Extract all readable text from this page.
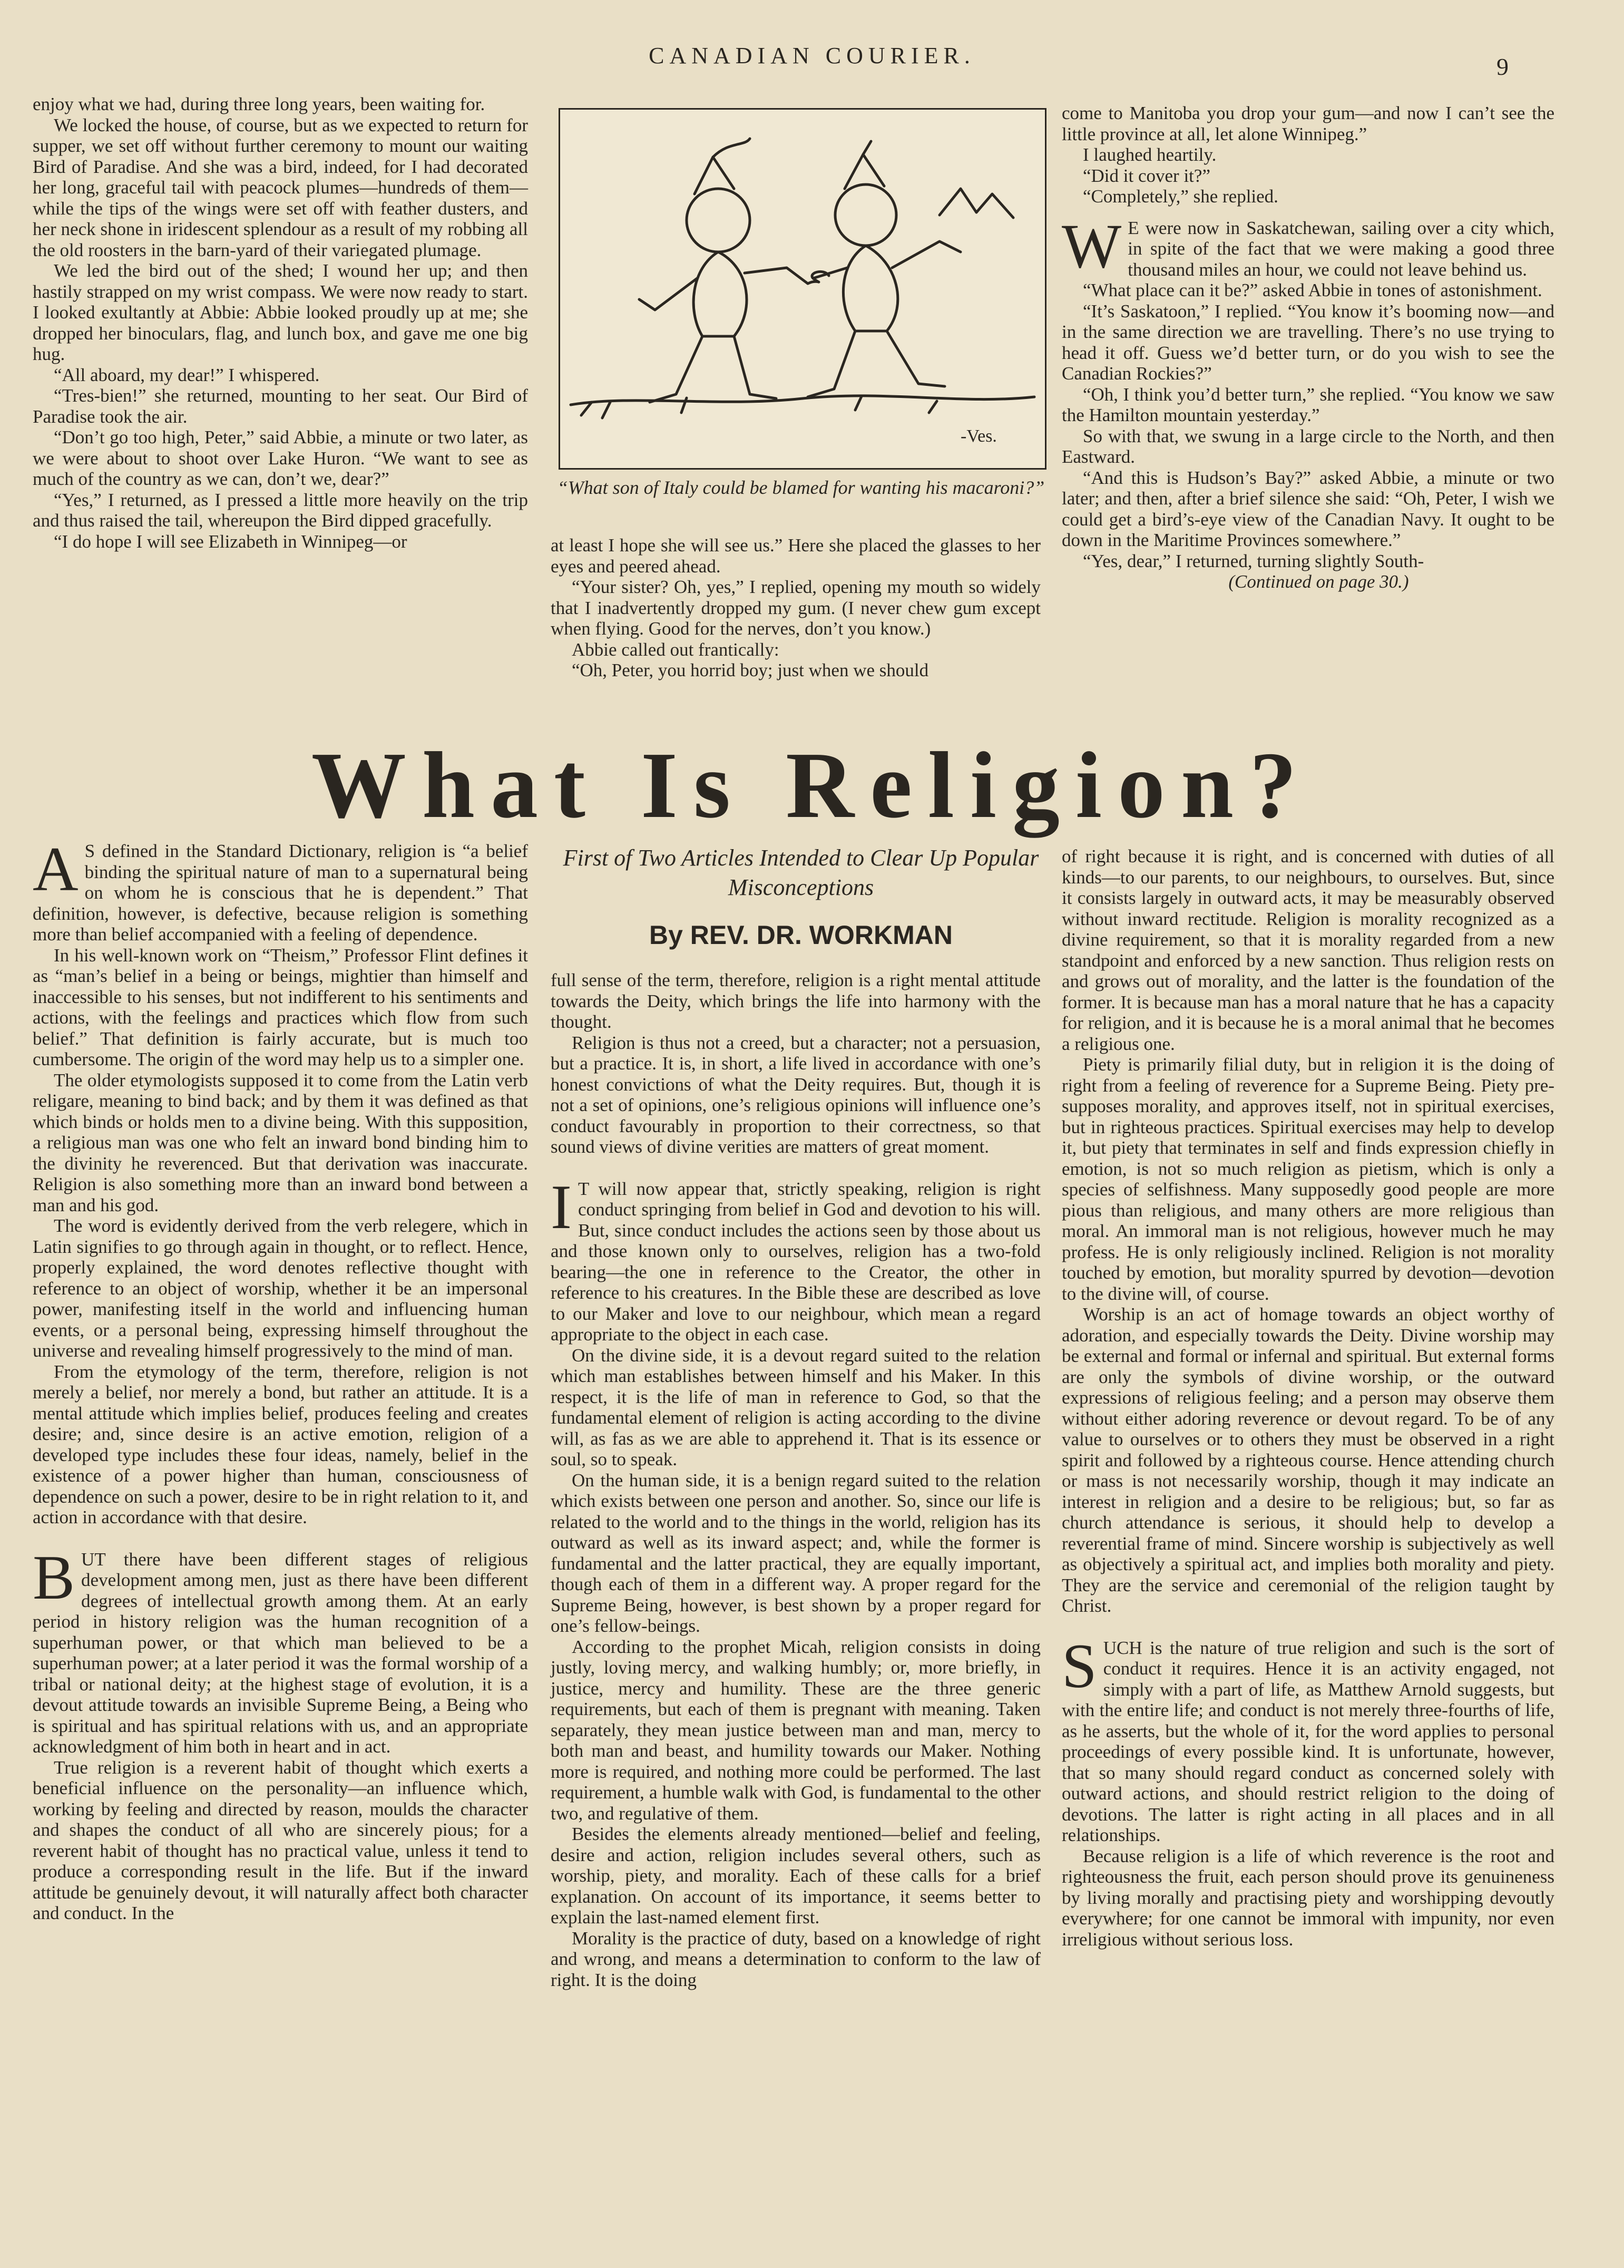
CANADIAN COURIER.	9

enjoy what we had, during three long years, been waiting for.

We locked the house, of course, but as we expected to return for supper, we set off without further ceremony to mount our waiting Bird of Paradise. And she was a bird, indeed, for I had decorated her long, graceful tail with peacock plumes—hundreds of them—while the tips of the wings were set off with feather dusters, and her neck shone in iridescent splendour as a result of my robbing all the old roosters in the barn-yard of their variegated plumage.

We led the bird out of the shed; I wound her up; and then hastily strapped on my wrist compass. We were now ready to start. I looked exultantly at Abbie: Abbie looked proudly up at me; she dropped her binoculars, flag, and lunch box, and gave me one big hug.

“All aboard, my dear!” I whispered.

“Tres-bien!” she returned, mounting to her seat. Our Bird of Paradise took the air.

“Don’t go too high, Peter,” said Abbie, a minute or two later, as we were about to shoot over Lake Huron. “We want to see as much of the country as we can, don’t we, dear?”

“Yes,” I returned, as I pressed a little more heavily on the trip and thus raised the tail, whereupon the Bird dipped gracefully.

“I do hope I will see Elizabeth in Winnipeg—or

-Ves.
“What son of Italy could be blamed for wanting his macaroni?”

at least I hope she will see us.” Here she placed the glasses to her eyes and peered ahead.

“Your sister? Oh, yes,” I replied, opening my mouth so widely that I inadvertently dropped my gum. (I never chew gum except when flying. Good for the nerves, don’t you know.)

Abbie called out frantically:

“Oh, Peter, you horrid boy; just when we should

come to Manitoba you drop your gum—and now I can’t see the little province at all, let alone Winnipeg.”

I laughed heartily.

“Did it cover it?”

“Completely,” she replied.

W E were now in Saskatchewan, sailing over a city which, in spite of the fact that we were making a good three thousand miles an hour, we could not leave behind us.

“What place can it be?” asked Abbie in tones of astonishment.

“It’s Saskatoon,” I replied. “You know it’s booming now—and in the same direction we are travelling. There’s no use trying to head it off. Guess we’d better turn, or do you wish to see the Canadian Rockies?”

“Oh, I think you’d better turn,” she replied. “You know we saw the Hamilton mountain yesterday.”

So with that, we swung in a large circle to the North, and then Eastward.

“And this is Hudson’s Bay?” asked Abbie, a minute or two later; and then, after a brief silence she said: “Oh, Peter, I wish we could get a bird’s-eye view of the Canadian Navy. It ought to be down in the Maritime Provinces somewhere.”

“Yes, dear,” I returned, turning slightly South-

(Continued on page 30.)

What Is Religion?
First of Two Articles Intended to Clear Up Popular Misconceptions
By REV. DR. WORKMAN

A S defined in the Standard Dictionary, religion is “a belief binding the spiritual nature of man to a supernatural being on whom he is conscious that he is dependent.” That definition, however, is defective, because religion is something more than belief accompanied with a feeling of dependence.

In his well-known work on “Theism,” Professor Flint defines it as “man’s belief in a being or beings, mightier than himself and inaccessible to his senses, but not indifferent to his sentiments and actions, with the feelings and practices which flow from such belief.” That definition is fairly accurate, but is much too cumbersome. The origin of the word may help us to a simpler one.

The older etymologists supposed it to come from the Latin verb religare, meaning to bind back; and by them it was defined as that which binds or holds men to a divine being. With this supposition, a religious man was one who felt an inward bond binding him to the divinity he reverenced. But that derivation was inaccurate. Religion is also something more than an inward bond between a man and his god.

The word is evidently derived from the verb relegere, which in Latin signifies to go through again in thought, or to reflect. Hence, properly explained, the word denotes reflective thought with reference to an object of worship, whether it be an impersonal power, manifesting itself in the world and influencing human events, or a personal being, expressing himself throughout the universe and revealing himself progressively to the mind of man.

From the etymology of the term, therefore, religion is not merely a belief, nor merely a bond, but rather an attitude. It is a mental attitude which implies belief, produces feeling and creates desire; and, since desire is an active emotion, religion of a developed type includes these four ideas, namely, belief in the existence of a power higher than human, consciousness of dependence on such a power, desire to be in right relation to it, and action in accordance with that desire.

BUT there have been different stages of religious development among men, just as there have been different degrees of intellectual growth among them. At an early period in history religion was the human recognition of a superhuman power, or that which man believed to be a superhuman power; at a later period it was the formal worship of a tribal or national deity; at the highest stage of evolution, it is a devout attitude towards an invisible Supreme Being, a Being who is spiritual and has spiritual relations with us, and an appropriate acknowledgment of him both in heart and in act.

True religion is a reverent habit of thought which exerts a beneficial influence on the personality—an influence which, working by feeling and directed by reason, moulds the character and shapes the conduct of all who are sincerely pious; for a reverent habit of thought has no practical value, unless it tend to produce a corresponding result in the life. But if the inward attitude be genuinely devout, it will naturally affect both character and conduct. In the

full sense of the term, therefore, religion is a right mental attitude towards the Deity, which brings the life into harmony with the thought.

Religion is thus not a creed, but a character; not a persuasion, but a practice. It is, in short, a life lived in accordance with one’s honest convictions of what the Deity requires. But, though it is not a set of opinions, one’s religious opinions will influence one’s conduct favourably in proportion to their correctness, so that sound views of divine verities are matters of great moment.

I T will now appear that, strictly speaking, religion is right conduct springing from belief in God and devotion to his will. But, since conduct includes the actions seen by those about us and those known only to ourselves, religion has a two-fold bearing—the one in reference to the Creator, the other in reference to his creatures. In the Bible these are described as love to our Maker and love to our neighbour, which mean a regard appropriate to the object in each case.

On the divine side, it is a devout regard suited to the relation which man establishes between himself and his Maker. In this respect, it is the life of man in reference to God, so that the fundamental element of religion is acting according to the divine will, as fas as we are able to apprehend it. That is its essence or soul, so to speak.

On the human side, it is a benign regard suited to the relation which exists between one person and another. So, since our life is related to the world and to the things in the world, religion has its outward as well as its inward aspect; and, while the former is fundamental and the latter practical, they are equally important, though each of them in a different way. A proper regard for the Supreme Being, however, is best shown by a proper regard for one’s fellow-beings.

According to the prophet Micah, religion consists in doing justly, loving mercy, and walking humbly; or, more briefly, in justice, mercy and humility. These are the three generic requirements, but each of them is pregnant with meaning. Taken separately, they mean justice between man and man, mercy to both man and beast, and humility towards our Maker. Nothing more is required, and nothing more could be performed. The last requirement, a humble walk with God, is fundamental to the other two, and regulative of them.

Besides the elements already mentioned—belief and feeling, desire and action, religion includes several others, such as worship, piety, and morality. Each of these calls for a brief explanation. On account of its importance, it seems better to explain the last-named element first.

Morality is the practice of duty, based on a knowledge of right and wrong, and means a determination to conform to the law of right. It is the doing

of right because it is right, and is concerned with duties of all kinds—to our parents, to our neighbours, to ourselves. But, since it consists largely in outward acts, it may be measurably observed without inward rectitude. Religion is morality recognized as a divine requirement, so that it is morality regarded from a new standpoint and enforced by a new sanction. Thus religion rests on and grows out of morality, and the latter is the foundation of the former. It is because man has a moral nature that he has a capacity for religion, and it is because he is a moral animal that he becomes a religious one.

Piety is primarily filial duty, but in religion it is the doing of right from a feeling of reverence for a Supreme Being. Piety pre-supposes morality, and approves itself, not in spiritual exercises, but in righteous practices. Spiritual exercises may help to develop it, but piety that terminates in self and finds expression chiefly in emotion, is not so much religion as pietism, which is only a species of selfishness. Many supposedly good people are more pious than religious, and many others are more religious than moral. An immoral man is not religious, however much he may profess. He is only religiously inclined. Religion is not morality touched by emotion, but morality spurred by devotion—devotion to the divine will, of course.

Worship is an act of homage towards an object worthy of adoration, and especially towards the Deity. Divine worship may be external and formal or infernal and spiritual. But external forms are only the symbols of divine worship, or the outward expressions of religious feeling; and a person may observe them without either adoring reverence or devout regard. To be of any value to ourselves or to others they must be observed in a right spirit and followed by a righteous course. Hence attending church or mass is not necessarily worship, though it may indicate an interest in religion and a desire to be religious; but, so far as church attendance is serious, it should help to develop a reverential frame of mind. Sincere worship is subjectively as well as objectively a spiritual act, and implies both morality and piety. They are the service and ceremonial of the religion taught by Christ.

SUCH is the nature of true religion and such is the sort of conduct it requires. Hence it is an activity engaged, not simply with a part of life, as Matthew Arnold suggests, but with the entire life; and conduct is not merely three-fourths of life, as he asserts, but the whole of it, for the word applies to personal proceedings of every possible kind. It is unfortunate, however, that so many should regard conduct as concerned solely with outward actions, and should restrict religion to the doing of devotions. The latter is right acting in all places and in all relationships.

Because religion is a life of which reverence is the root and righteousness the fruit, each person should prove its genuineness by living morally and practising piety and worshipping devoutly everywhere; for one cannot be immoral with impunity, nor even irreligious without serious loss.
